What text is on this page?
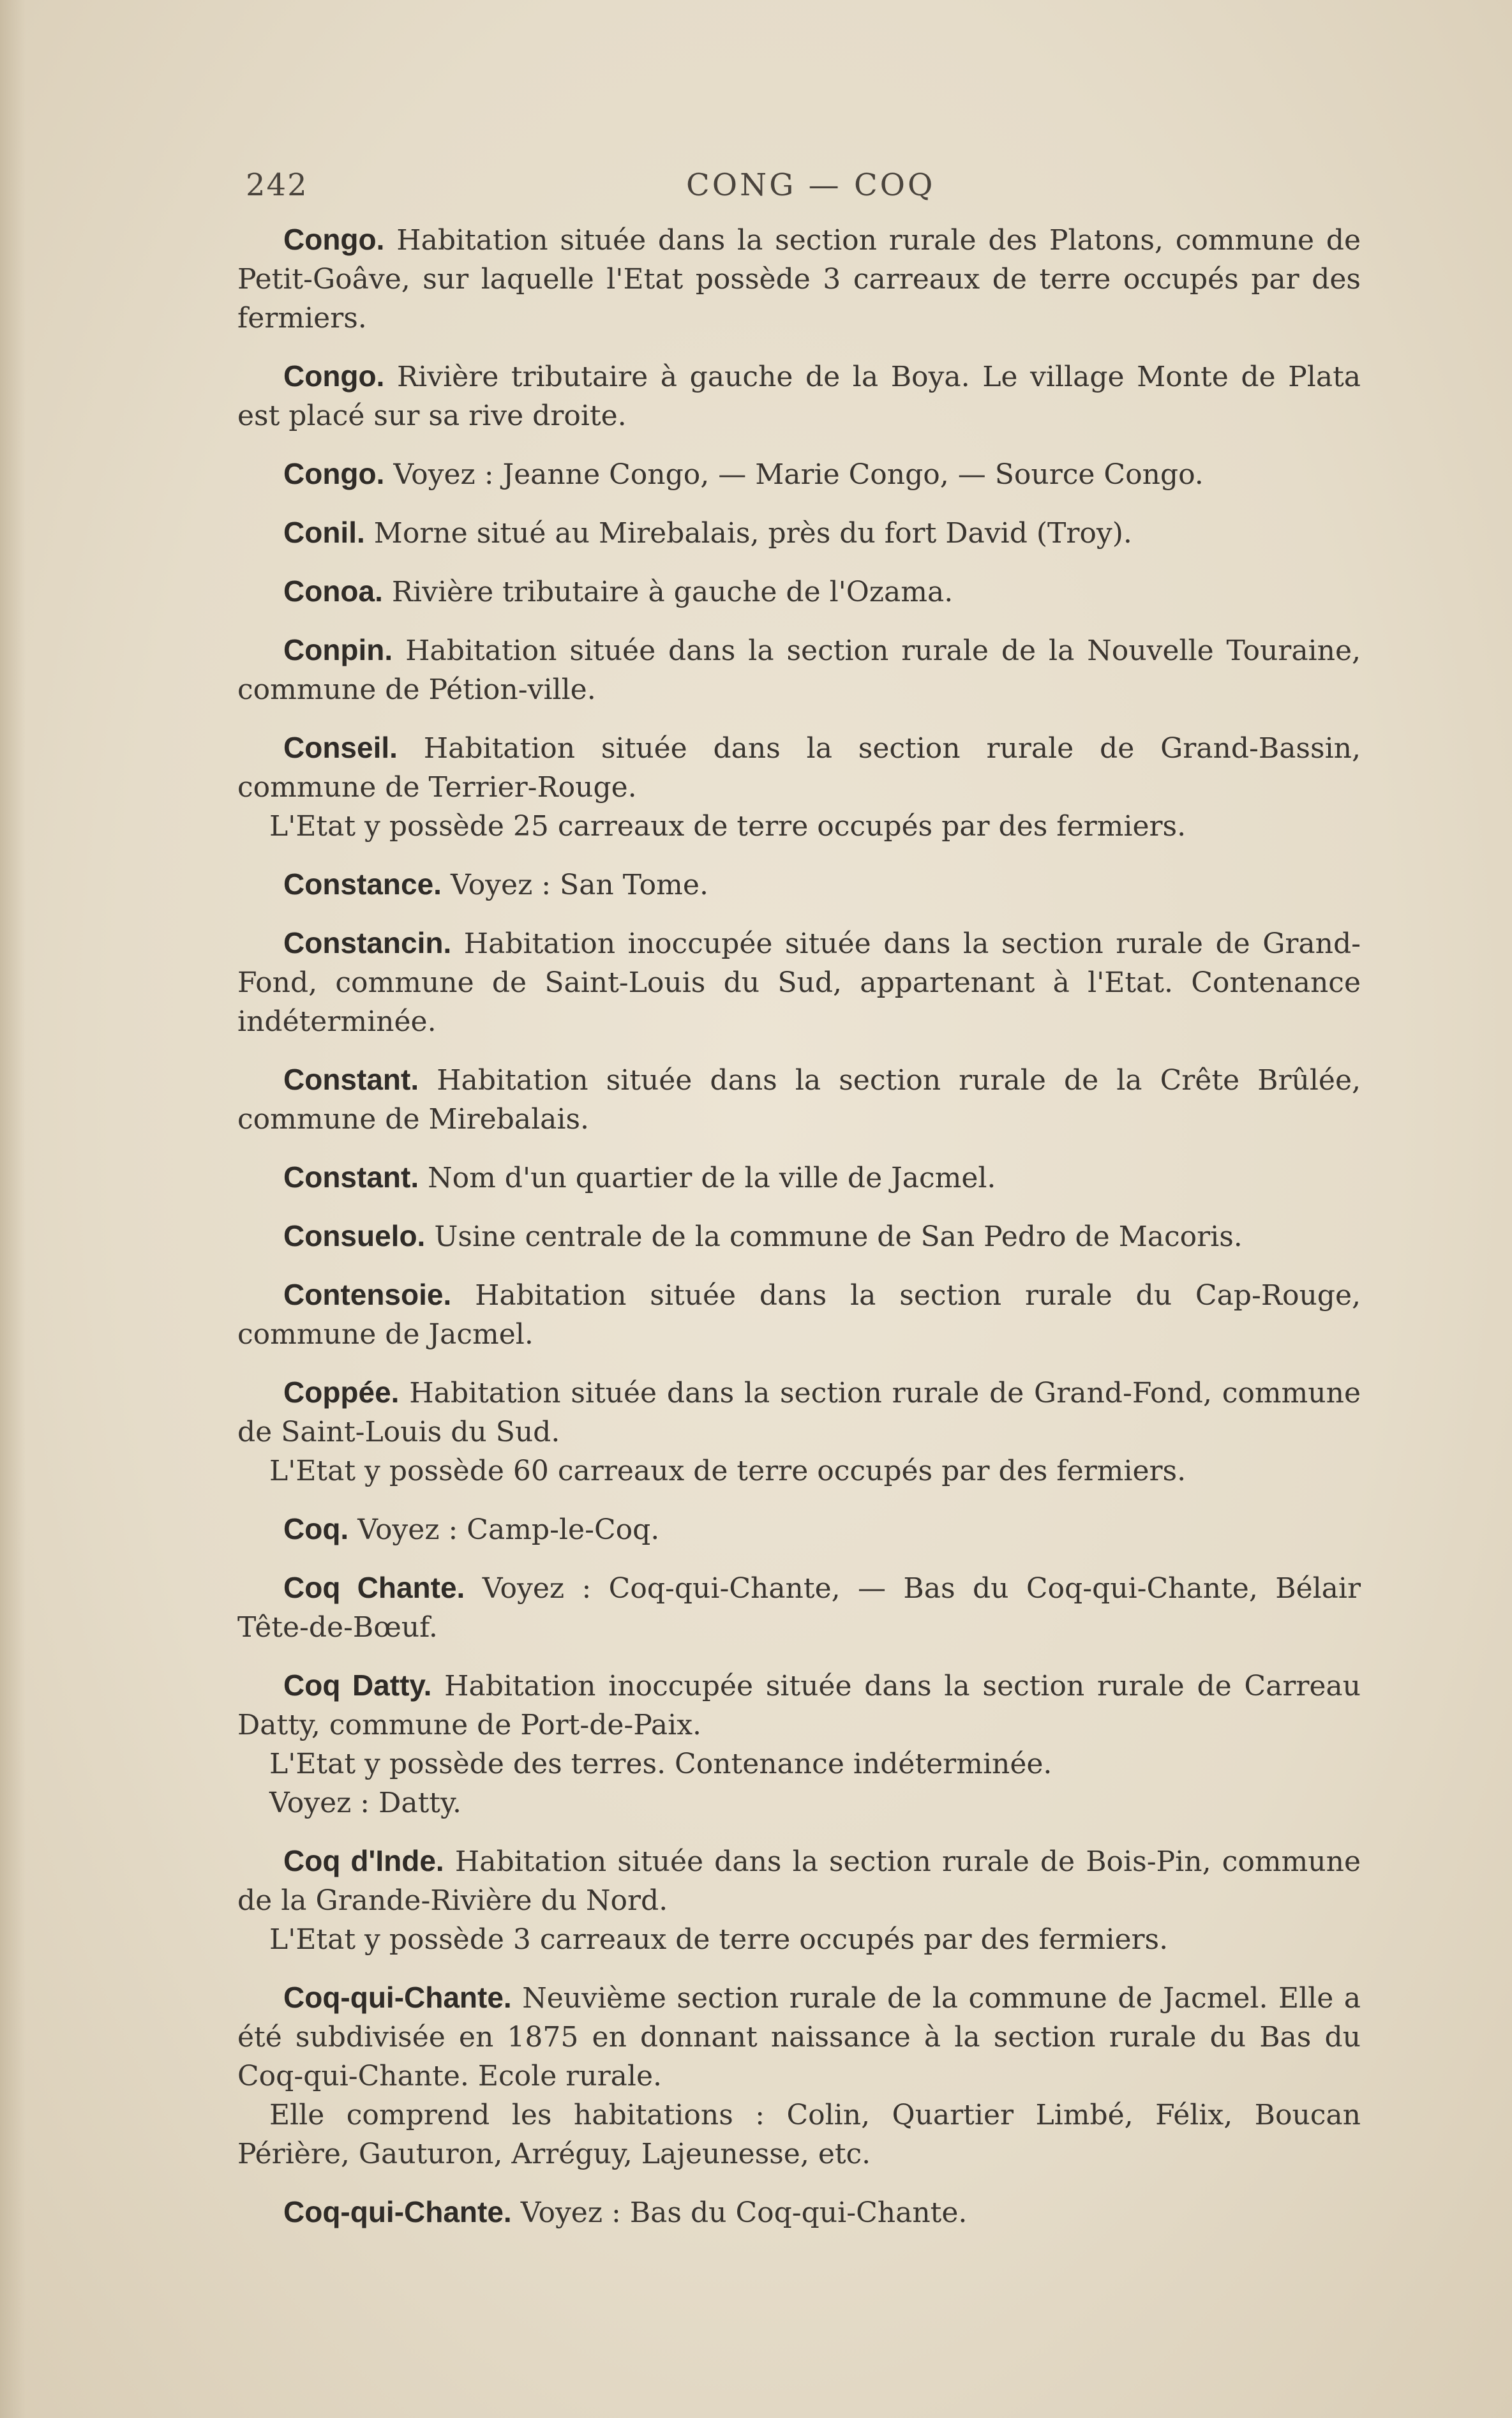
242	CONG — COQ

Congo. Habitation située dans la section rurale des Platons, commune de Petit-Goâve, sur laquelle l'Etat possède 3 carreaux de terre occupés par des fermiers.

Congo. Rivière tributaire à gauche de la Boya. Le village Monte de Plata est placé sur sa rive droite.

Congo. Voyez : Jeanne Congo, — Marie Congo, — Source Congo.

Conil. Morne situé au Mirebalais, près du fort David (Troy).

Conoa. Rivière tributaire à gauche de l'Ozama.

Conpin. Habitation située dans la section rurale de la Nouvelle Touraine, commune de Pétion-ville.

Conseil. Habitation située dans la section rurale de Grand-Bassin, commune de Terrier-Rouge.

L'Etat y possède 25 carreaux de terre occupés par des fermiers.

Constance. Voyez : San Tome.

Constancin. Habitation inoccupée située dans la section rurale de Grand-Fond, commune de Saint-Louis du Sud, appartenant à l'Etat. Contenance indéterminée.

Constant. Habitation située dans la section rurale de la Crête Brûlée, commune de Mirebalais.

Constant. Nom d'un quartier de la ville de Jacmel.

Consuelo. Usine centrale de la commune de San Pedro de Macoris.

Contensoie. Habitation située dans la section rurale du Cap-Rouge, commune de Jacmel.

Coppée. Habitation située dans la section rurale de Grand-Fond, commune de Saint-Louis du Sud.

L'Etat y possède 60 carreaux de terre occupés par des fermiers.

Coq. Voyez : Camp-le-Coq.

Coq Chante. Voyez : Coq-qui-Chante, — Bas du Coq-qui-Chante, Bélair Tête-de-Bœuf.

Coq Datty. Habitation inoccupée située dans la section rurale de Carreau Datty, commune de Port-de-Paix.

L'Etat y possède des terres. Contenance indéterminée.

Voyez : Datty.

Coq d'Inde. Habitation située dans la section rurale de Bois-Pin, commune de la Grande-Rivière du Nord.

L'Etat y possède 3 carreaux de terre occupés par des fermiers.

Coq-qui-Chante. Neuvième section rurale de la commune de Jacmel. Elle a été subdivisée en 1875 en donnant naissance à la section rurale du Bas du Coq-qui-Chante. Ecole rurale.

Elle comprend les habitations : Colin, Quartier Limbé, Félix, Boucan Périère, Gauturon, Arréguy, Lajeunesse, etc.

Coq-qui-Chante. Voyez : Bas du Coq-qui-Chante.
